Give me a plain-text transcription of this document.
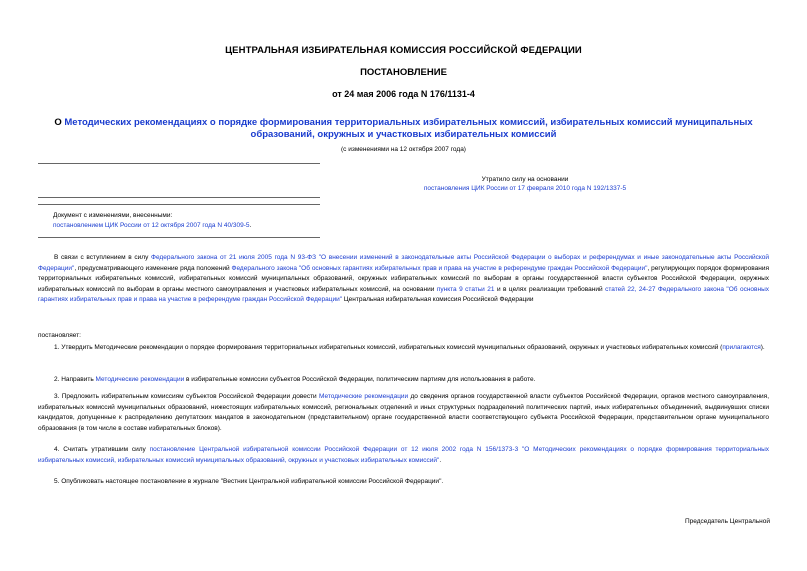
ЦЕНТРАЛЬНАЯ ИЗБИРАТЕЛЬНАЯ КОМИССИЯ РОССИЙСКОЙ ФЕДЕРАЦИИ
ПОСТАНОВЛЕНИЕ
от 24 мая 2006 года N 176/1131-4
О Методических рекомендациях о порядке формирования территориальных избирательных комиссий, избирательных комиссий муниципальных образований, окружных и участковых избирательных комиссий
(с изменениями на 12 октября 2007 года)
Утратило силу на основании
постановления ЦИК России от 17 февраля 2010 года N 192/1337-5
Документ с изменениями, внесенными:
постановлением ЦИК России от 12 октября 2007 года N 40/309-5.

В связи с вступлением в силу Федерального закона от 21 июля 2005 года N 93-ФЗ "О внесении изменений в законодательные акты Российской Федерации о выборах и референдумах и иные законодательные акты Российской Федерации", предусматривающего изменение ряда положений Федерального закона "Об основных гарантиях избирательных прав и права на участие в референдуме граждан Российской Федерации", регулирующих порядок формирования территориальных избирательных комиссий, избирательных комиссий муниципальных образований, окружных избирательных комиссий по выборам в органы государственной власти субъектов Российской Федерации, окружных избирательных комиссий по выборам в органы местного самоуправления и участковых избирательных комиссий, на основании пункта 9 статьи 21 и в целях реализации требований статей 22, 24-27 Федерального закона "Об основных гарантиях избирательных прав и права на участие в референдуме граждан Российской Федерации" Центральная избирательная комиссия Российской Федерации

постановляет:

1. Утвердить Методические рекомендации о порядке формирования территориальных избирательных комиссий, избирательных комиссий муниципальных образований, окружных и участковых избирательных комиссий (прилагаются).

2. Направить Методические рекомендации в избирательные комиссии субъектов Российской Федерации, политическим партиям для использования в работе.

3. Предложить избирательным комиссиям субъектов Российской Федерации довести Методические рекомендации до сведения органов государственной власти субъектов Российской Федерации, органов местного самоуправления, избирательных комиссий муниципальных образований, нижестоящих избирательных комиссий, региональных отделений и иных структурных подразделений политических партий, иных избирательных объединений, выдвинувших списки кандидатов, допущенные к распределению депутатских мандатов в законодательном (представительном) органе государственной власти соответствующего субъекта Российской Федерации, представительном органе муниципального образования (в том числе в составе избирательных блоков).

4. Считать утратившим силу постановление Центральной избирательной комиссии Российской Федерации от 12 июля 2002 года N 156/1373-3 "О Методических рекомендациях о порядке формирования территориальных избирательных комиссий, избирательных комиссий муниципальных образований, окружных и участковых избирательных комиссий".

5. Опубликовать настоящее постановление в журнале "Вестник Центральной избирательной комиссии Российской Федерации".

Председатель Центральной
